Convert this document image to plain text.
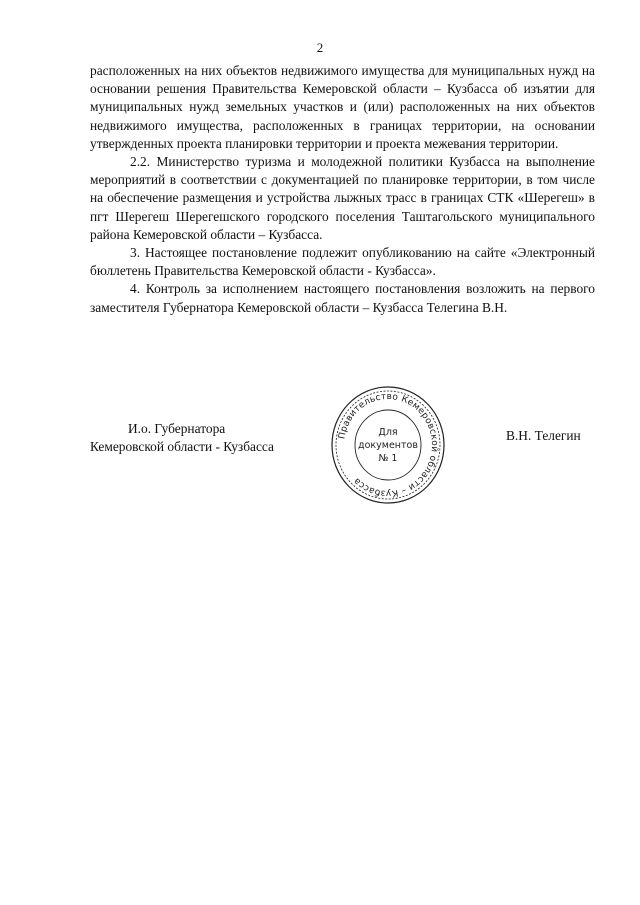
2

расположенных на них объектов недвижимого имущества для муниципальных нужд на основании решения Правительства Кемеровской области – Кузбасса об изъятии для муниципальных нужд земельных участков и (или) расположенных на них объектов недвижимого имущества, расположенных в границах территории, на основании утвержденных проекта планировки территории и проекта межевания территории.

2.2. Министерство туризма и молодежной политики Кузбасса на выполнение мероприятий в соответствии с документацией по планировке территории, в том числе на обеспечение размещения и устройства лыжных трасс в границах СТК «Шерегеш» в пгт Шерегеш Шерегешского городского поселения Таштагольского муниципального района Кемеровской области – Кузбасса.

3. Настоящее постановление подлежит опубликованию на сайте «Электронный бюллетень Правительства Кемеровской области - Кузбасса».

4. Контроль за исполнением настоящего постановления возложить на первого заместителя Губернатора Кемеровской области – Кузбасса Телегина В.Н.

И.о. Губернатора
Кемеровской области - Кузбасса
Правительство Кемеровской области – Кузбасса
Для
документов
№ 1
В.Н. Телегин
